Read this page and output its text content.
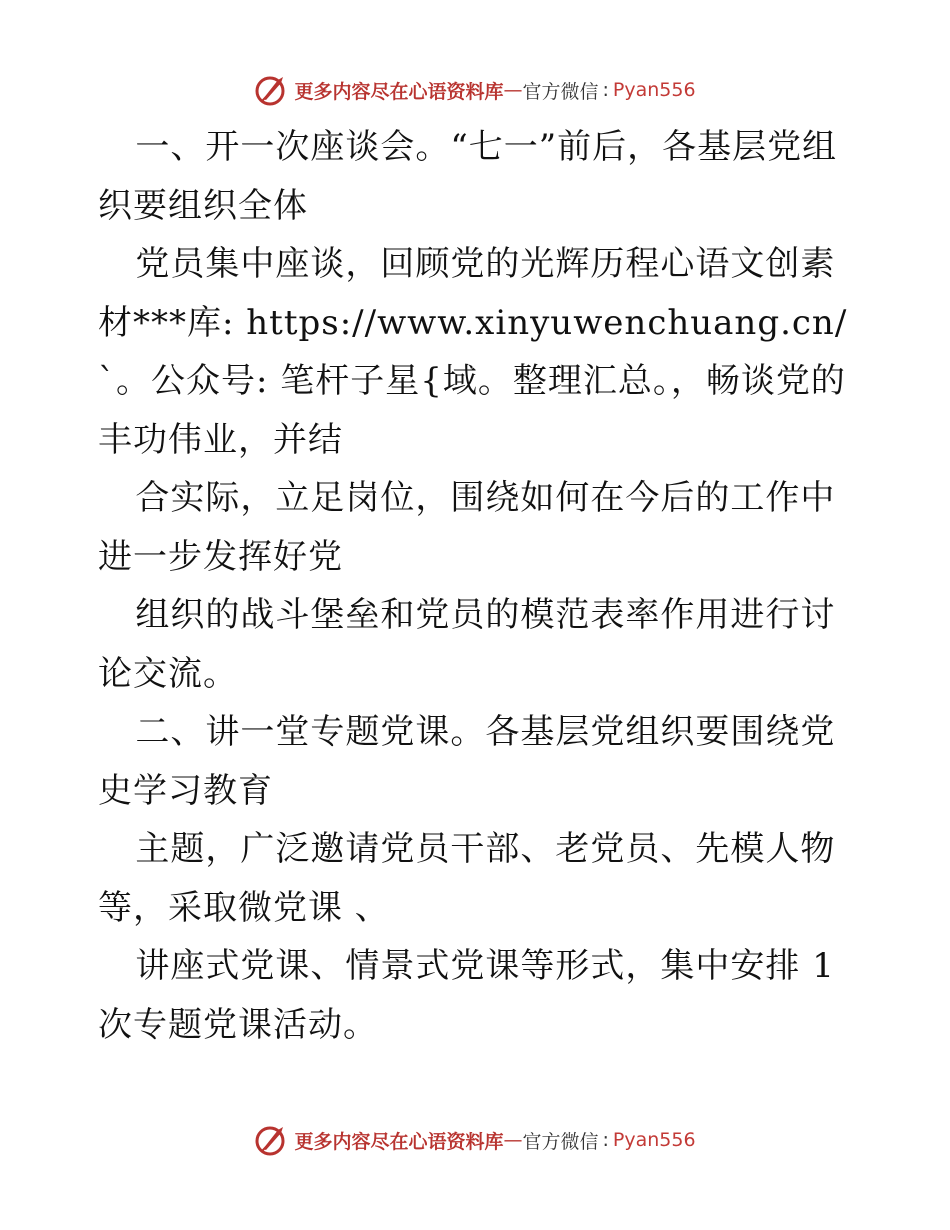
更多内容尽在心语资料库 — 官方微信 : Pyan556

一、开一次座谈会。“七一”前后，各基层党组织要组织全体

党员集中座谈，回顾党的光辉历程心语文创素材***库: https://www.xinyuwenchuang.cn/`。公众号: 笔杆子星{域。整理汇总。，畅谈党的丰功伟业，并结

合实际，立足岗位，围绕如何在今后的工作中进一步发挥好党

组织的战斗堡垒和党员的模范表率作用进行讨论交流。

二、讲一堂专题党课。各基层党组织要围绕党史学习教育

主题，广泛邀请党员干部、老党员、先模人物等，采取微党课 、

讲座式党课、情景式党课等形式，集中安排 1 次专题党课活动。

更多内容尽在心语资料库 — 官方微信 : Pyan556
